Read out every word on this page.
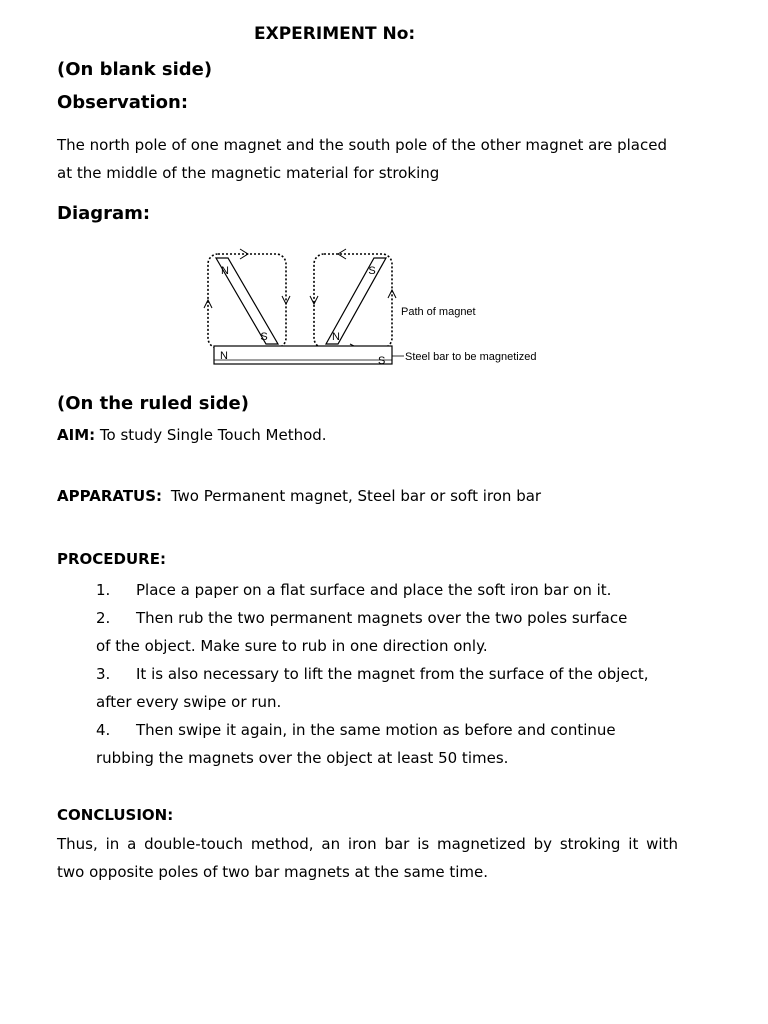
EXPERIMENT No:
(On blank side)
Observation:
The north pole of one magnet and the south pole of the other magnet are placed
at the middle of the magnetic material for stroking
Diagram:
N
S
S
N
N	S
Path of magnet
Steel bar to be magnetized
(On the ruled side)
AIM: To study Single Touch Method.
APPARATUS: Two Permanent magnet, Steel bar or soft iron bar
PROCEDURE:
1.	Place a paper on a flat surface and place the soft iron bar on it.
2.	Then rub the two permanent magnets over the two poles surface
of the object. Make sure to rub in one direction only.
3.	It is also necessary to lift the magnet from the surface of the object,
after every swipe or run.
4.	Then swipe it again, in the same motion as before and continue
rubbing the magnets over the object at least 50 times.
CONCLUSION:
Thus, in a double-touch method, an iron bar is magnetized by stroking it with
two opposite poles of two bar magnets at the same time.
